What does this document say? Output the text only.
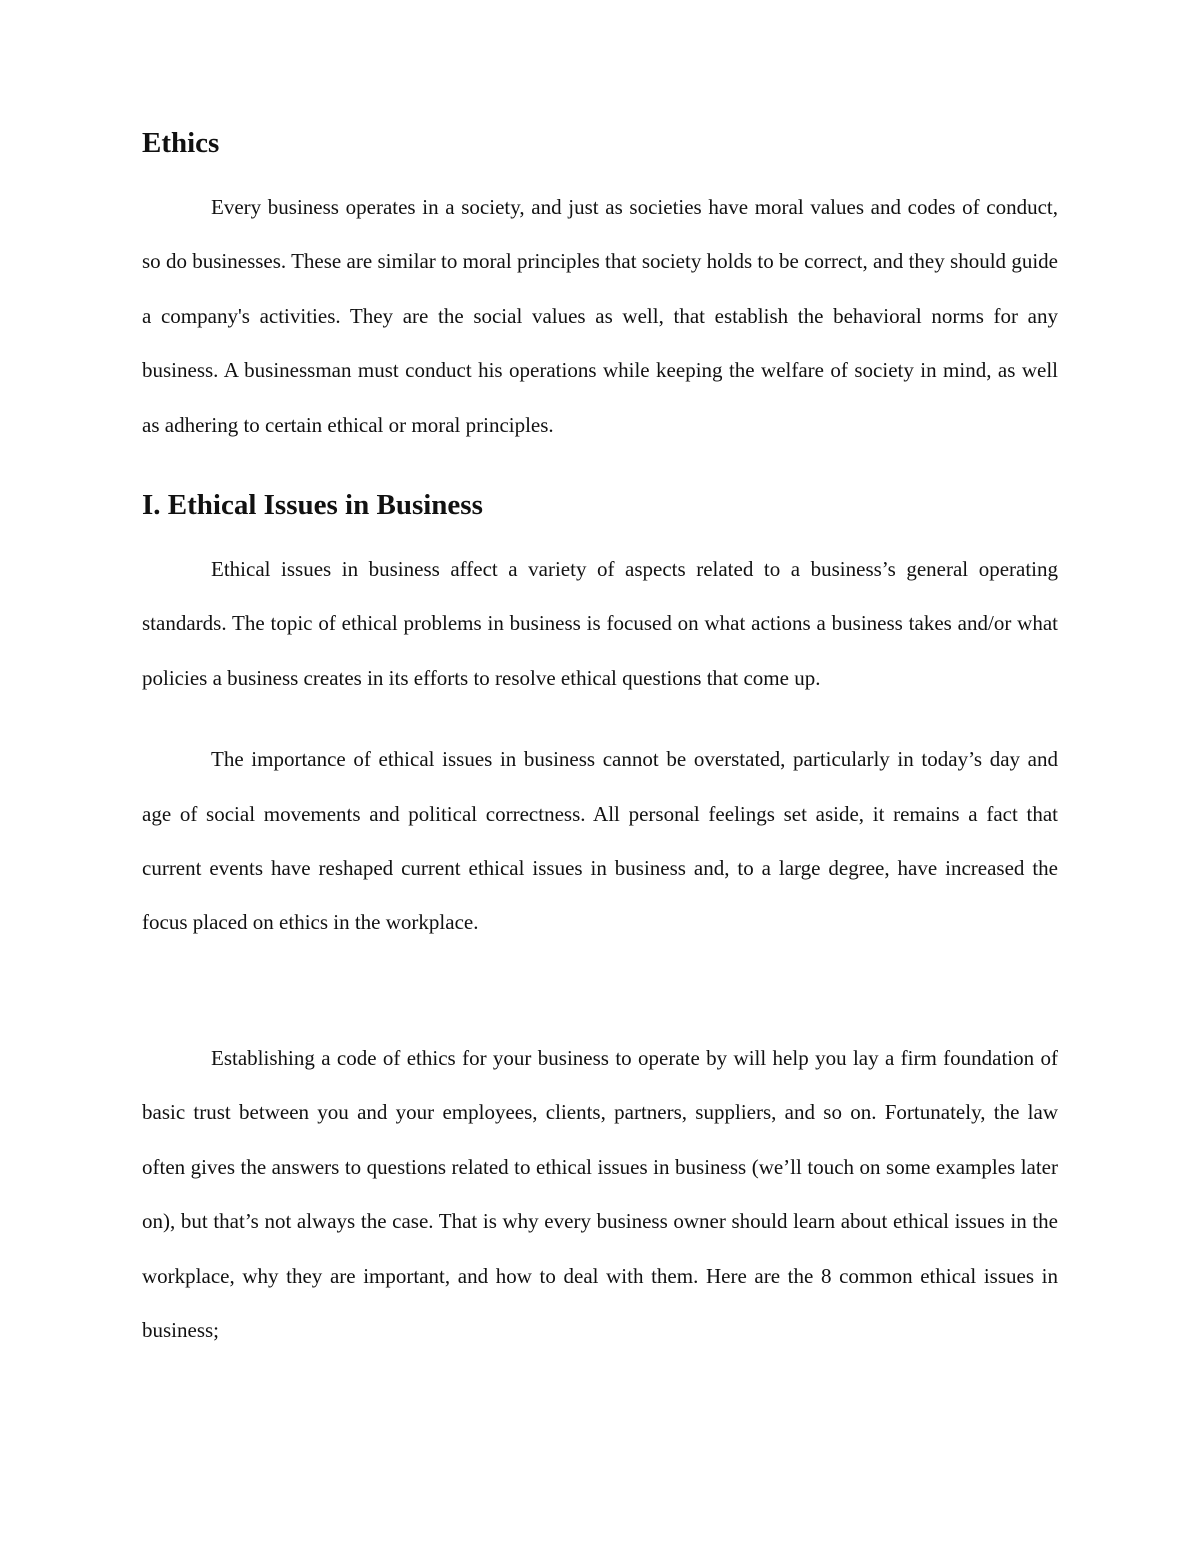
Ethics

Every business operates in a society, and just as societies have moral values and codes of conduct, so do businesses. These are similar to moral principles that society holds to be correct, and they should guide a company's activities. They are the social values as well, that establish the behavioral norms for any business. A businessman must conduct his operations while keeping the welfare of society in mind, as well as adhering to certain ethical or moral principles.

I. Ethical Issues in Business

Ethical issues in business affect a variety of aspects related to a business’s general operating standards. The topic of ethical problems in business is focused on what actions a business takes and/or what policies a business creates in its efforts to resolve ethical questions that come up.

The importance of ethical issues in business cannot be overstated, particularly in today’s day and age of social movements and political correctness. All personal feelings set aside, it remains a fact that current events have reshaped current ethical issues in business and, to a large degree, have increased the focus placed on ethics in the workplace.

Establishing a code of ethics for your business to operate by will help you lay a firm foundation of basic trust between you and your employees, clients, partners, suppliers, and so on. Fortunately, the law often gives the answers to questions related to ethical issues in business (we’ll touch on some examples later on), but that’s not always the case. That is why every business owner should learn about ethical issues in the workplace, why they are important, and how to deal with them. Here are the 8 common ethical issues in business;
